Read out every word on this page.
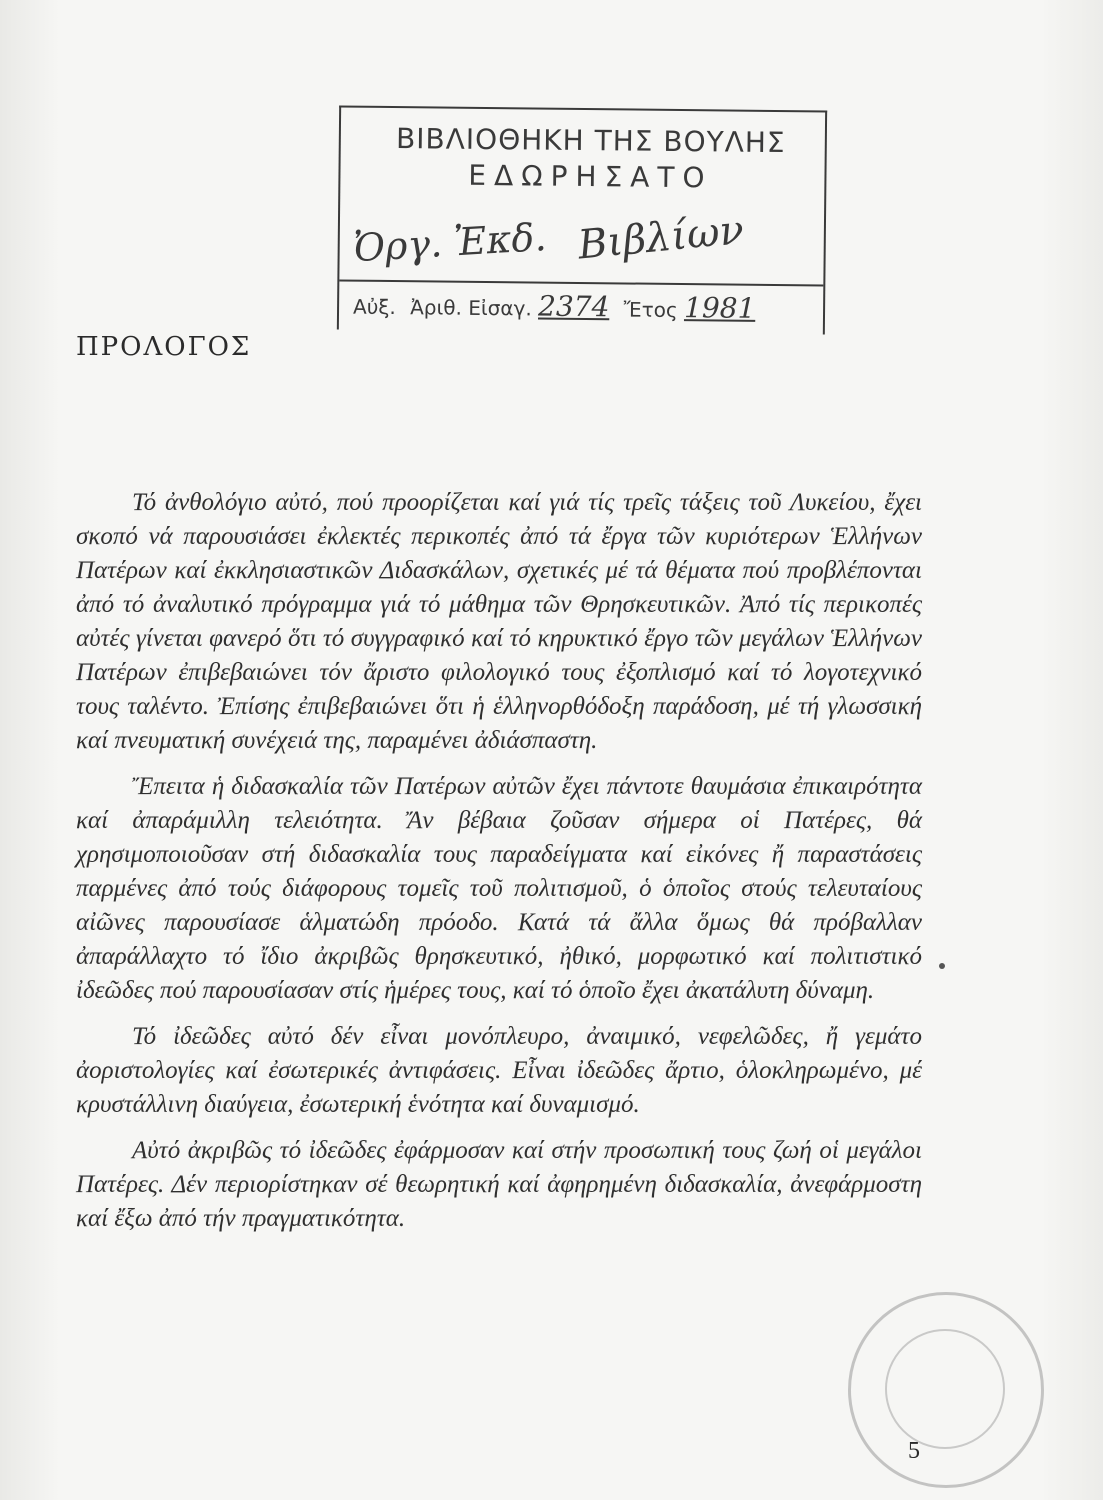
ΒΙΒΛΙΟΘΗΚΗ ΤΗΣ ΒΟΥΛΗΣ
ΕΔΩΡΗΣΑΤΟ
Ὀργ. Ἐκδ. Βιβλίων
Αὐξ. Ἀριθ. Εἰσαγ. 2374 Ἔτος 1981
ΠΡΟΛΟΓΟΣ

Τό ἀνθολόγιο αὐτό, πού προορίζεται καί γιά τίς τρεῖς τάξεις τοῦ Λυκείου, ἔχει σκοπό νά παρουσιάσει ἐκλεκτές περικοπές ἀπό τά ἔργα τῶν κυριότερων Ἑλλήνων Πατέρων καί ἐκκλησιαστικῶν Διδασκάλων, σχετικές μέ τά θέματα πού προβλέπονται ἀπό τό ἀναλυτικό πρόγραμμα γιά τό μάθημα τῶν Θρησκευτικῶν. Ἀπό τίς περικοπές αὐτές γίνεται φανερό ὅτι τό συγγραφικό καί τό κηρυκτικό ἔργο τῶν μεγάλων Ἑλλήνων Πατέρων ἐπιβεβαιώνει τόν ἄριστο φιλολογικό τους ἐξοπλισμό καί τό λογοτεχνικό τους ταλέντο. Ἐπίσης ἐπιβεβαιώνει ὅτι ἡ ἑλληνορθόδοξη παράδοση, μέ τή γλωσσική καί πνευματική συνέχειά της, παραμένει ἀδιάσπαστη.

Ἔπειτα ἡ διδασκαλία τῶν Πατέρων αὐτῶν ἔχει πάντοτε θαυμάσια ἐπικαιρότητα καί ἀπαράμιλλη τελειότητα. Ἄν βέβαια ζοῦσαν σήμερα οἱ Πατέρες, θά χρησιμοποιοῦσαν στή διδασκαλία τους παραδείγματα καί εἰκόνες ἤ παραστάσεις παρμένες ἀπό τούς διάφορους τομεῖς τοῦ πολιτισμοῦ, ὁ ὁποῖος στούς τελευταίους αἰῶνες παρουσίασε ἁλματώδη πρόοδο. Κατά τά ἄλλα ὅμως θά πρόβαλλαν ἀπαράλλαχτο τό ἴδιο ἀκριβῶς θρησκευτικό, ἠθικό, μορφωτικό καί πολιτιστικό ἰδεῶδες πού παρουσίασαν στίς ἡμέρες τους, καί τό ὁποῖο ἔχει ἀκατάλυτη δύναμη.

Τό ἰδεῶδες αὐτό δέν εἶναι μονόπλευρο, ἀναιμικό, νεφελῶδες, ἤ γεμάτο ἀοριστολογίες καί ἐσωτερικές ἀντιφάσεις. Εἶναι ἰδεῶδες ἄρτιο, ὁλοκληρωμένο, μέ κρυστάλλινη διαύγεια, ἐσωτερική ἑνότητα καί δυναμισμό.

Αὐτό ἀκριβῶς τό ἰδεῶδες ἐφάρμοσαν καί στήν προσωπική τους ζωή οἱ μεγάλοι Πατέρες. Δέν περιορίστηκαν σέ θεωρητική καί ἀφηρημένη διδασκαλία, ἀνεφάρμοστη καί ἔξω ἀπό τήν πραγματικότητα.

5
